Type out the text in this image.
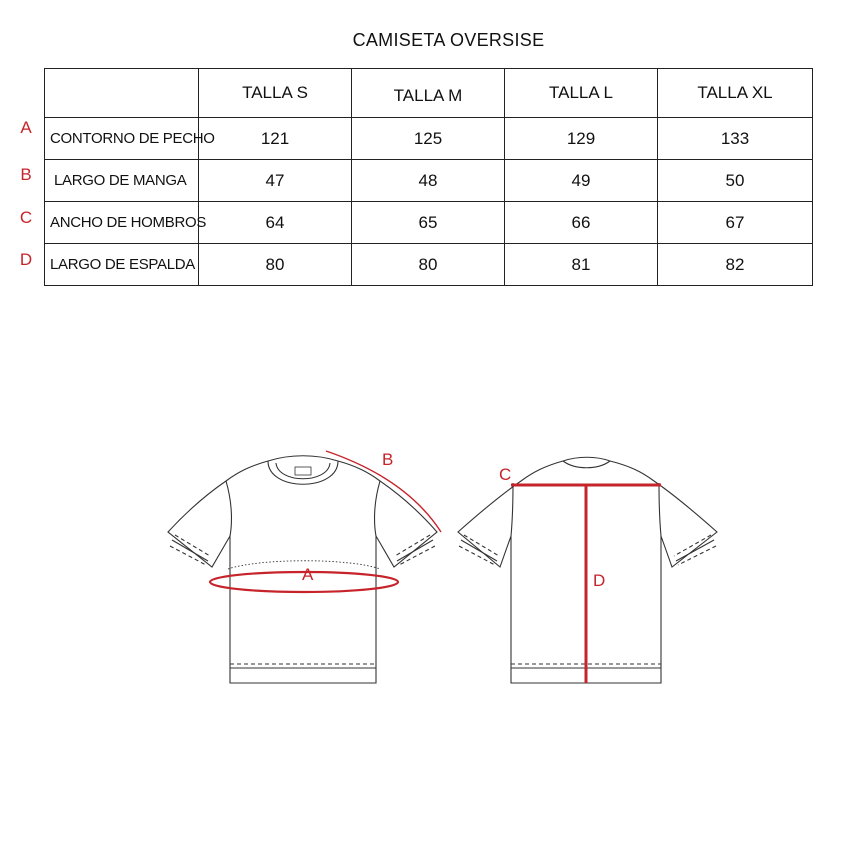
CAMISETA OVERSISE
A
B
C
D
	TALLA S	TALLA M	TALLA L	TALLA XL
CONTORNO DE PECHO	121	125	129	133
LARGO DE MANGA	47	48	49	50
ANCHO DE HOMBROS	64	65	66	67
LARGO DE ESPALDA	80	80	81	82
A
B
C
D
